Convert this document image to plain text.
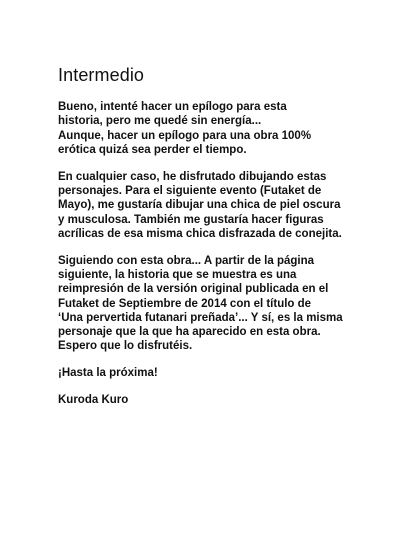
Intermedio

Bueno, intenté hacer un epílogo para esta
historia, pero me quedé sin energía...
Aunque, hacer un epílogo para una obra 100%
erótica quizá sea perder el tiempo.

En cualquier caso, he disfrutado dibujando estas
personajes. Para el siguiente evento (Futaket de
Mayo), me gustaría dibujar una chica de piel oscura
y musculosa. También me gustaría hacer figuras
acrílicas de esa misma chica disfrazada de conejita.

Siguiendo con esta obra... A partir de la página
siguiente, la historia que se muestra es una
reimpresión de la versión original publicada en el
Futaket de Septiembre de 2014 con el título de
‘Una pervertida futanari preñada’... Y sí, es la misma
personaje que la que ha aparecido en esta obra.
Espero que lo disfrutéis.

¡Hasta la próxima!

Kuroda Kuro
